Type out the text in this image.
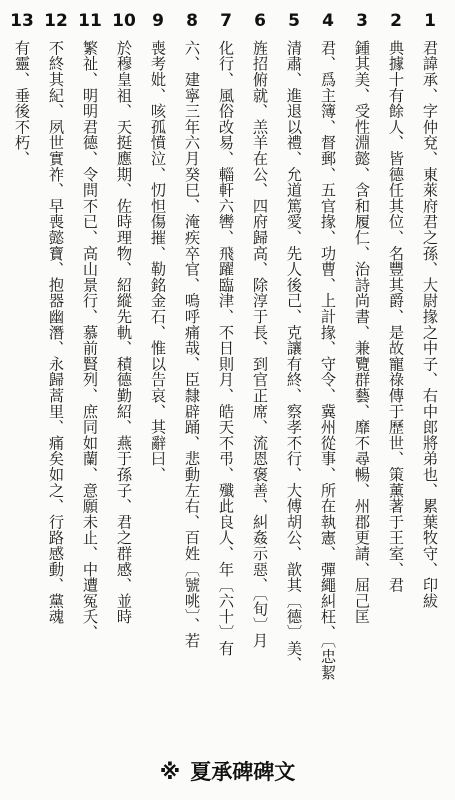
1
君諱承、字仲兗、東萊府君之孫、大尉掾之中子、右中郎將弟也、累葉牧守、印紱
2
典據十有餘人、皆德任其位、名豐其爵、是故寵祿傳于歷世、策薰著于王室、君
3
鍾其美、受性淵懿、含和履仁、治詩尚書、兼覽群藝、靡不尋暢、州郡更請、屈己匡
4
君、爲主簿、督郵、五官掾、功曹、上計掾、守令、冀州從事、所在執憲、彈繩糾枉、〔忠絜
5
清肅、進退以禮、允道篤愛、先人後己、克讓有終、察孝不行、大傅胡公、歆其〔德〕美、
6
旌招俯就、羔羊在公、四府歸高、除淳于長、到官正席、流恩褒善、糾姦示惡、〔旬〕月
7
化行、風俗改易、輜軒六轡、飛躍臨津、不日則月、皓天不弔、殲此良人、年〔六十〕有
8
六、建寧三年六月癸巳、淹疾卒官、嗚呼痛哉、臣隸辟踊、悲動左右、百姓〔號咷〕、若
9
喪考妣、咳孤憤泣、忉怛傷摧、勒銘金石、惟以告哀、其辭曰、
10
於穆皇祖、天挺應期、佐時理物、紹縱先軌、積德勤紹、燕于孫子、君之群感、並時
11
繁祉、明明君德、令問不已、高山景行、慕前賢列、庶同如蘭、意願未止、中遭冤夭、
12
不終其紀、夙世實祚、早喪懿寶、抱器幽潛、永歸蒿里、痛矣如之、行路感動、黨魂
13
有靈、垂後不朽、
※ 夏承碑碑文
